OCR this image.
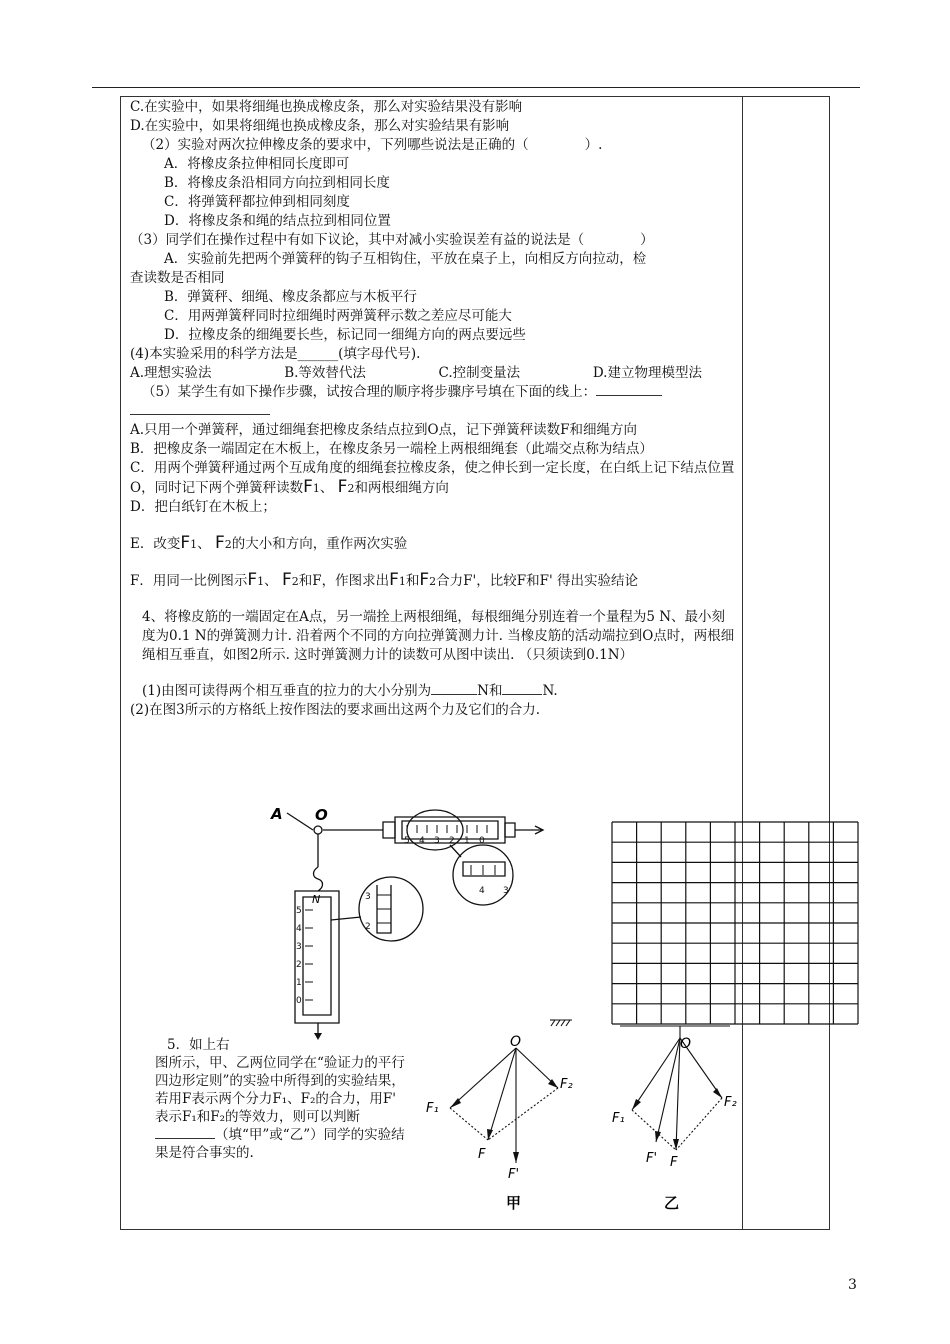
C.在实验中，如果将细绳也换成橡皮条，那么对实验结果没有影响

D.在实验中，如果将细绳也换成橡皮条，那么对实验结果有影响

（2）实验对两次拉伸橡皮条的要求中，下列哪些说法是正确的（	）.

A．将橡皮条拉伸相同长度即可

B．将橡皮条沿相同方向拉到相同长度

C．将弹簧秤都拉伸到相同刻度

D．将橡皮条和绳的结点拉到相同位置

（3）同学们在操作过程中有如下议论，其中对减小实验误差有益的说法是（	）

A．实验前先把两个弹簧秤的钩子互相钩住，平放在桌子上，向相反方向拉动，检

查读数是否相同

B．弹簧秤、细绳、橡皮条都应与木板平行

C．用两弹簧秤同时拉细绳时两弹簧秤示数之差应尽可能大

D．拉橡皮条的细绳要长些，标记同一细绳方向的两点要远些

(4)本实验采用的科学方法是______(填字母代号).

A.理想实验法	B.等效替代法	C.控制变量法	D.建立物理模型法

（5）某学生有如下操作步骤，试按合理的顺序将步骤序号填在下面的线上：

A.只用一个弹簧秤，通过细绳套把橡皮条结点拉到O点，记下弹簧秤读数F和细绳方向

B．把橡皮条一端固定在木板上，在橡皮条另一端栓上两根细绳套（此端交点称为结点）

C．用两个弹簧秤通过两个互成角度的细绳套拉橡皮条，使之伸长到一定长度，在白纸上记下结点位置O，同时记下两个弹簧秤读数F1、 F2和两根细绳方向

D．把白纸钉在木板上；

E．改变F1、 F2的大小和方向，重作两次实验

F．用同一比例图示F1、 F2和F，作图求出F1和F2合力F'，比较F和F' 得出实验结论

4、将橡皮筋的一端固定在A点，另一端拴上两根细绳，每根细绳分别连着一个量程为5 N、最小刻度为0.1 N的弹簧测力计. 沿着两个不同的方向拉弹簧测力计. 当橡皮筋的活动端拉到O点时，两根细绳相互垂直，如图2所示. 这时弹簧测力计的读数可从图中读出. （只须读到0.1N）

(1)由图可读得两个相互垂直的拉力的大小分别为	N和	N.

(2)在图3所示的方格纸上按作图法的要求画出这两个力及它们的合力.

A O
N
5 4 3 2 1 0
4 3
5
4
3
2
1
0
3
2

5．如上右

图所示，甲、乙两位同学在“验证力的平行四边形定则”的实验中所得到的实验结果，若用F表示两个分力F₁、F₂的合力，用F' 表示F₁和F₂的等效力，则可以判断（填“甲”或“乙”）同学的实验结果是符合事实的.

O
F₁
F₂
F
F'
甲
O
F₁
F₂
F' F
乙
3
